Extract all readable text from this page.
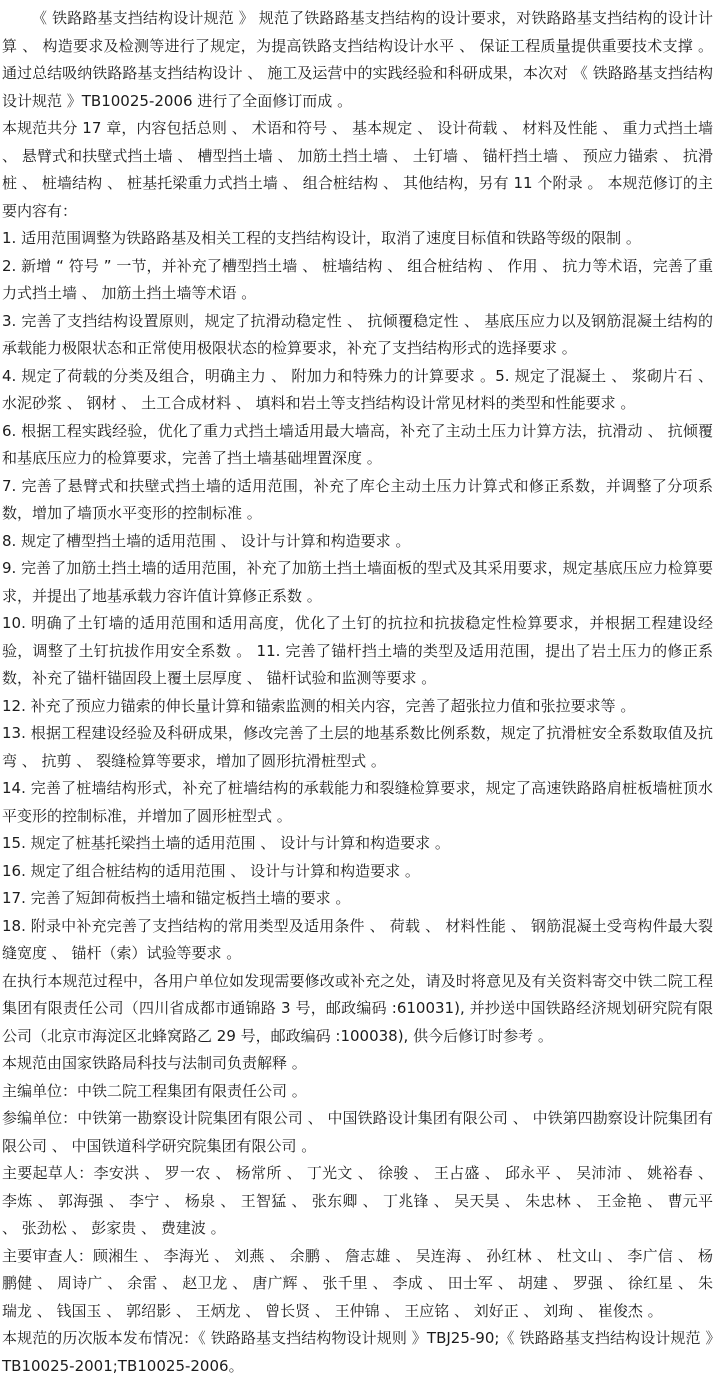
《 铁路路基支挡结构设计规范 》 规范了铁路路基支挡结构的设计要求，对铁路路基支挡结构的设计计算 、 构造要求及检测等进行了规定，为提高铁路支挡结构设计水平 、 保证工程质量提供重要技术支撑 。 通过总结吸纳铁路路基支挡结构设计 、 施工及运营中的实践经验和科研成果，本次对 《 铁路路基支挡结构设计规范 》TB10025-2006 进行了全面修订而成 。

本规范共分 17 章，内容包括总则 、 术语和符号 、 基本规定 、 设计荷载 、 材料及性能 、 重力式挡土墙 、 悬臂式和扶壁式挡土墙 、 槽型挡土墙 、 加筋土挡土墙 、 土钉墙 、 锚杆挡土墙 、 预应力锚索 、 抗滑桩 、 桩墙结构 、 桩基托梁重力式挡土墙 、 组合桩结构 、 其他结构，另有 11 个附录 。 本规范修订的主要内容有：

1. 适用范围调整为铁路路基及相关工程的支挡结构设计，取消了速度目标值和铁路等级的限制 。

2. 新增 “ 符号 ” 一节，并补充了槽型挡土墙 、 桩墙结构 、 组合桩结构 、 作用 、 抗力等术语，完善了重力式挡土墙 、 加筋土挡土墙等术语 。

3. 完善了支挡结构设置原则，规定了抗滑动稳定性 、 抗倾覆稳定性 、 基底压应力以及钢筋混凝土结构的承载能力极限状态和正常使用极限状态的检算要求，补充了支挡结构形式的选择要求 。

4. 规定了荷载的分类及组合，明确主力 、 附加力和特殊力的计算要求 。5. 规定了混凝土 、 浆砌片石 、 水泥砂浆 、 钢材 、 土工合成材料 、 填料和岩土等支挡结构设计常见材料的类型和性能要求 。

6. 根据工程实践经验，优化了重力式挡土墙适用最大墙高，补充了主动土压力计算方法，抗滑动 、 抗倾覆和基底压应力的检算要求，完善了挡土墙基础埋置深度 。

7. 完善了悬臂式和扶壁式挡土墙的适用范围，补充了库仑主动土压力计算式和修正系数，并调整了分项系数，增加了墙顶水平变形的控制标准 。

8. 规定了槽型挡土墙的适用范围 、 设计与计算和构造要求 。

9. 完善了加筋土挡土墙的适用范围，补充了加筋土挡土墙面板的型式及其采用要求，规定基底压应力检算要求，并提出了地基承载力容许值计算修正系数 。

10. 明确了土钉墙的适用范围和适用高度，优化了土钉的抗拉和抗拔稳定性检算要求，并根据工程建设经验，调整了土钉抗拔作用安全系数 。 11. 完善了锚杆挡土墙的类型及适用范围，提出了岩土压力的修正系数，补充了锚杆锚固段上覆土层厚度 、 锚杆试验和监测等要求 。

12. 补充了预应力锚索的伸长量计算和锚索监测的相关内容，完善了超张拉力值和张拉要求等 。

13. 根据工程建设经验及科研成果，修改完善了土层的地基系数比例系数，规定了抗滑桩安全系数取值及抗弯 、 抗剪 、 裂缝检算等要求，增加了圆形抗滑桩型式 。

14. 完善了桩墙结构形式，补充了桩墙结构的承载能力和裂缝检算要求，规定了高速铁路路肩桩板墙桩顶水平变形的控制标准，并增加了圆形桩型式 。

15. 规定了桩基托梁挡土墙的适用范围 、 设计与计算和构造要求 。

16. 规定了组合桩结构的适用范围 、 设计与计算和构造要求 。

17. 完善了短卸荷板挡土墙和锚定板挡土墙的要求 。

18. 附录中补充完善了支挡结构的常用类型及适用条件 、 荷载 、 材料性能 、 钢筋混凝土受弯构件最大裂缝宽度 、 锚杆（索）试验等要求 。

在执行本规范过程中，各用户单位如发现需要修改或补充之处，请及时将意见及有关资料寄交中铁二院工程集团有限责任公司（四川省成都市通锦路 3 号，邮政编码 :610031), 并抄送中国铁路经济规划研究院有限公司（北京市海淀区北蜂窝路乙 29 号，邮政编码 :100038), 供今后修订时参考 。

本规范由国家铁路局科技与法制司负责解释 。

主编单位：中铁二院工程集团有限责任公司 。

参编单位：中铁第一勘察设计院集团有限公司 、 中国铁路设计集团有限公司 、 中铁第四勘察设计院集团有限公司 、 中国铁道科学研究院集团有限公司 。

主要起草人：李安洪 、 罗一农 、 杨常所 、 丁光文 、 徐骏 、 王占盛 、 邱永平 、 吴沛沛 、 姚裕春 、 李炼 、 郭海强 、 李宁 、 杨泉 、 王智猛 、 张东卿 、 丁兆锋 、 吴天昊 、 朱忠林 、 王金艳 、 曹元平 、 张劲松 、 彭家贵 、 费建波 。

主要审查人：顾湘生 、 李海光 、 刘燕 、 余鹏 、 詹志雄 、 吴连海 、 孙红林 、 杜文山 、 李广信 、 杨鹏健 、 周诗广 、 余雷 、 赵卫龙 、 唐广辉 、 张千里 、 李成 、 田士军 、 胡建 、 罗强 、 徐红星 、 朱瑞龙 、 钱国玉 、 郭绍影 、 王炳龙 、 曾长贤 、 王仲锦 、 王应铭 、 刘好正 、 刘珣 、 崔俊杰 。

本规范的历次版本发布情况：《 铁路路基支挡结构物设计规则 》TBJ25-90;《 铁路路基支挡结构设计规范 》TB10025-2001;TB10025-2006。
